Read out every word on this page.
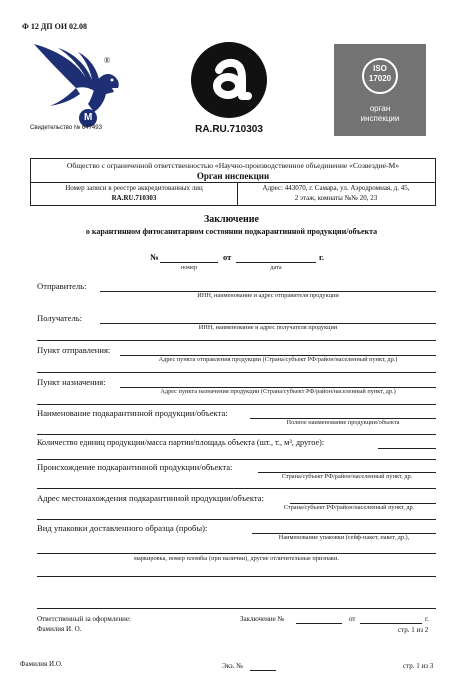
Ф 12 ДП ОИ 02.08
®
М
Свидетельство № 647493	RA.RU.710303
ISO
17020
орган
инспекции
Общество с ограниченной ответственностью «Научно-производственное объединение «Созвездие-М»
Орган инспекции
Номер записи в реестре аккредитованных лиц
RA.RU.710303
Адрес: 443070, г. Самара, ул. Аэродромная, д. 45,
2 этаж, комнаты №№ 20, 23
Заключение
о карантинном фитосанитарном состоянии подкарантинной продукции/объекта
№	от	г.
номер	дата
Отправитель:
ИНН, наименование и адрес отправителя продукции
Получатель:
ИНН, наименование и адрес получателя продукции
Пункт отправления:
Адрес пункта отправления продукции (Страна/субъект РФ/район/населенный пункт, др.)
Пункт назначения:
Адрес пункта назначения продукции (Страна/субъект РФ/район/населенный пункт, др.)
Наименование подкарантинной продукции/объекта:
Полное наименование продукции/объекта
Количество единиц продукции/масса партии/площадь объекта (шт., т., м³, другое):
Происхождение подкарантинной продукции/объекта:
Страна/субъект РФ/район/населенный пункт, др.
Адрес местонахождения подкарантинной продукции/объекта:
Страна/субъект РФ/район/населенный пункт, др.
Вид упаковки доставленного образца (пробы):
Наименование упаковки (сейф-пакет, пакет, др.),
маркировка, номер пломбы (при наличии), другие отличительные признаки.
Ответственный за оформление:
Фамилия И. О.
Заключение №	от	г.
стр. 1 из 2
Фамилия И.О.	Экз. №	стр. 1 из 3
